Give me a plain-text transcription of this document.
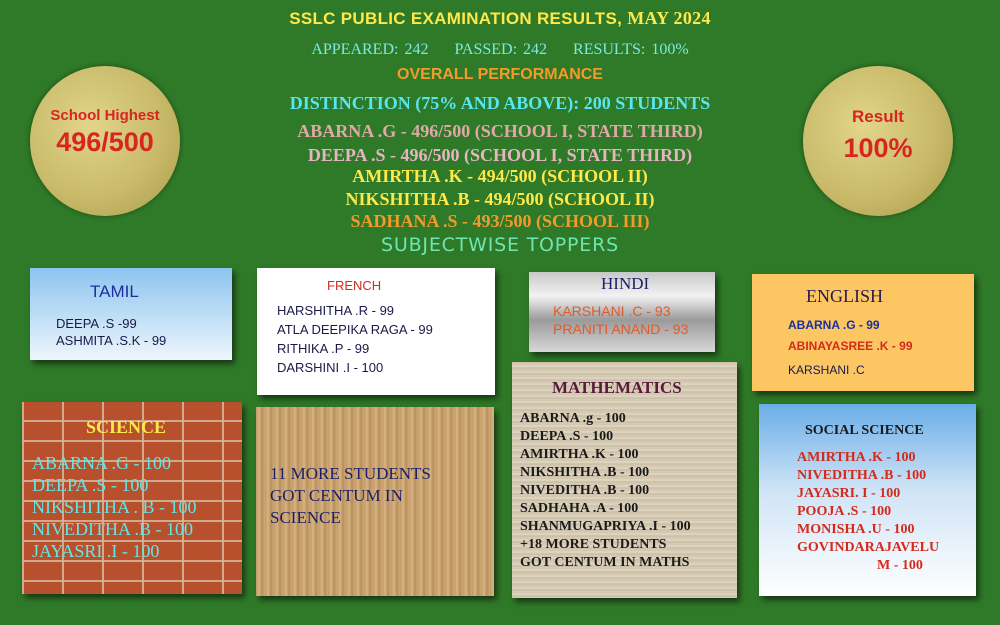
SSLC PUBLIC EXAMINATION RESULTS, MAY 2024
APPEARED: 242 PASSED: 242 RESULTS: 100%
OVERALL PERFORMANCE
DISTINCTION (75% AND ABOVE): 200 STUDENTS
ABARNA .G - 496/500 (SCHOOL I, STATE THIRD)
DEEPA .S - 496/500 (SCHOOL I, STATE THIRD)
AMIRTHA .K - 494/500 (SCHOOL II)
NIKSHITHA .B - 494/500 (SCHOOL II)
SADHANA .S - 493/500 (SCHOOL III)
SUBJECTWISE TOPPERS
School Highest
496/500
Result
100%
TAMIL
DEEPA .S -99
ASHMITA .S.K - 99
FRENCH
HARSHITHA .R - 99
ATLA DEEPIKA RAGA - 99
RITHIKA .P - 99
DARSHINI .I - 100
HINDI
KARSHANI .C - 93
PRANITI ANAND - 93
ENGLISH
ABARNA .G - 99
ABINAYASREE .K - 99
KARSHANI .C
SCIENCE
ABARNA .G - 100
DEEPA .S - 100
NIKSHITHA . B - 100
NIVEDITHA .B - 100
JAYASRI .I - 100
11 MORE STUDENTS
GOT CENTUM IN
SCIENCE
MATHEMATICS
ABARNA .g - 100
DEEPA .S - 100
AMIRTHA .K - 100
NIKSHITHA .B - 100
NIVEDITHA .B - 100
SADHAHA .A - 100
SHANMUGAPRIYA .I - 100
+18 MORE STUDENTS
GOT CENTUM IN MATHS
SOCIAL SCIENCE
AMIRTHA .K - 100
NIVEDITHA .B - 100
JAYASRI. I - 100
POOJA .S - 100
MONISHA .U - 100
GOVINDARAJAVELU
M - 100
